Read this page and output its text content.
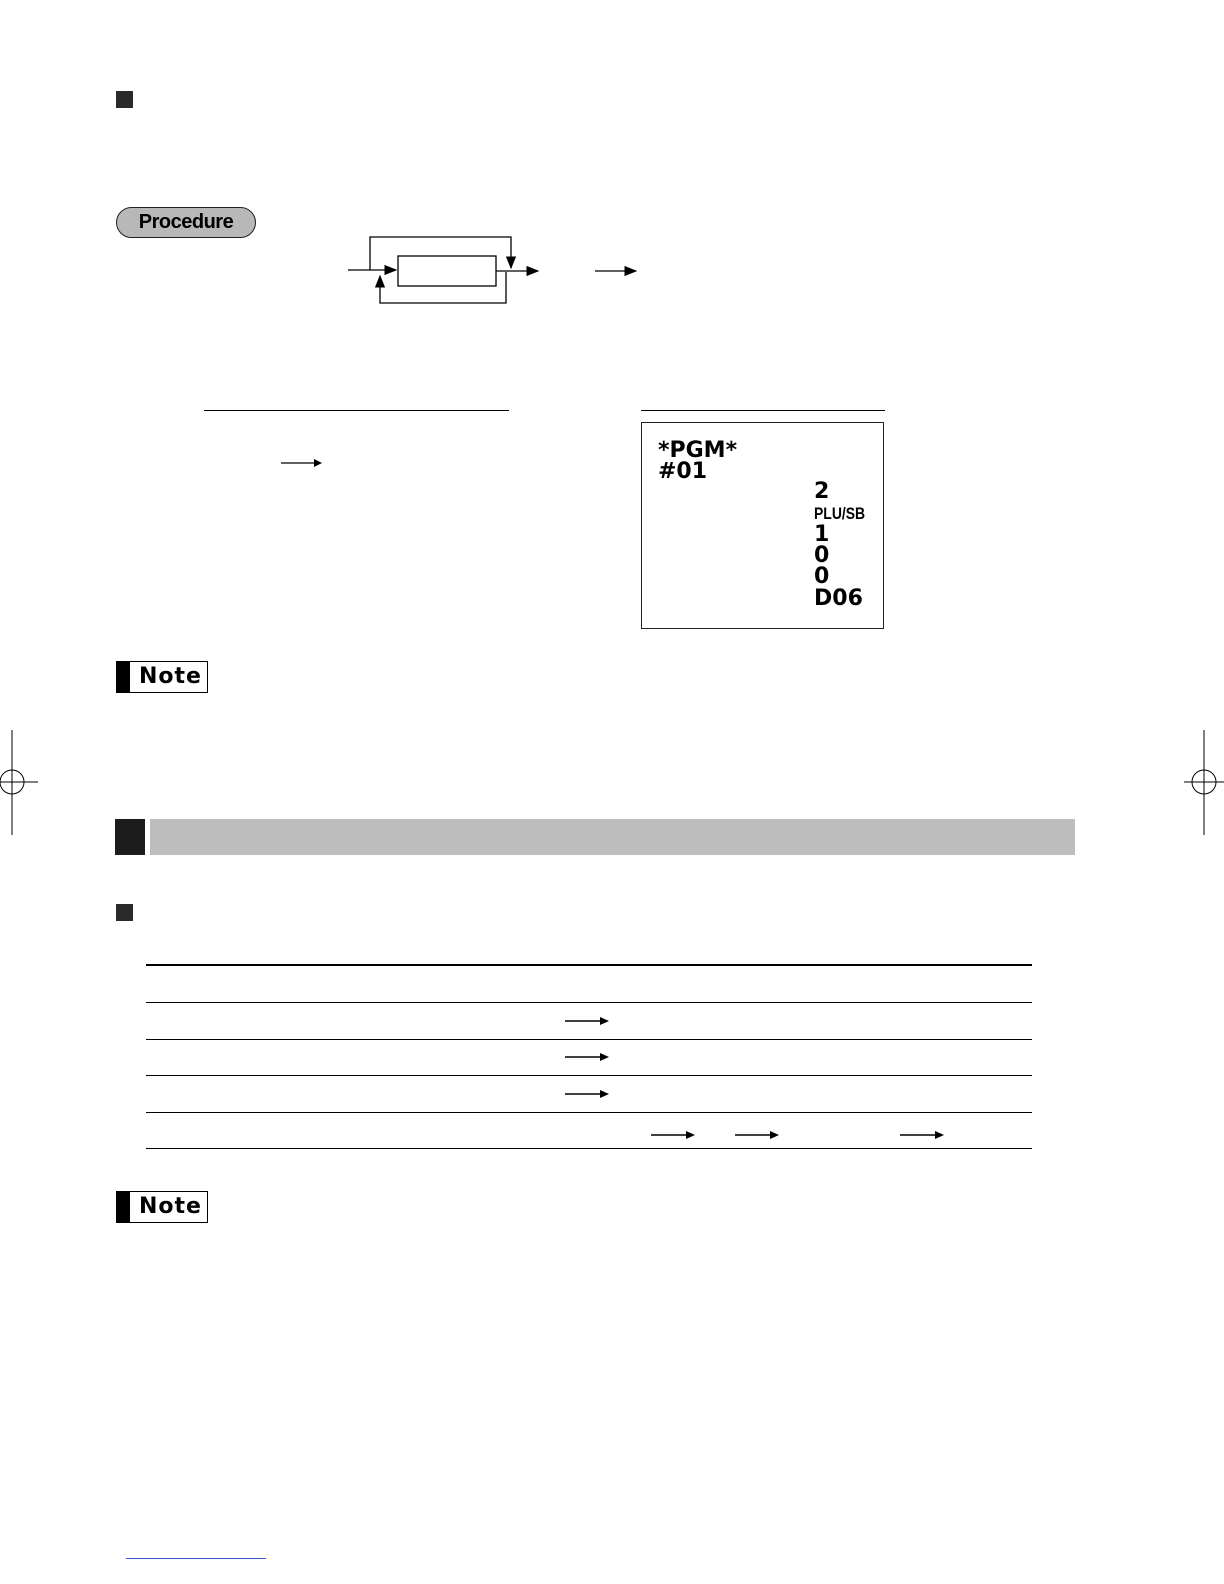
Procedure
*PGM*
#01
2
PLU/SB
1
0
0
D06
Note
Note
